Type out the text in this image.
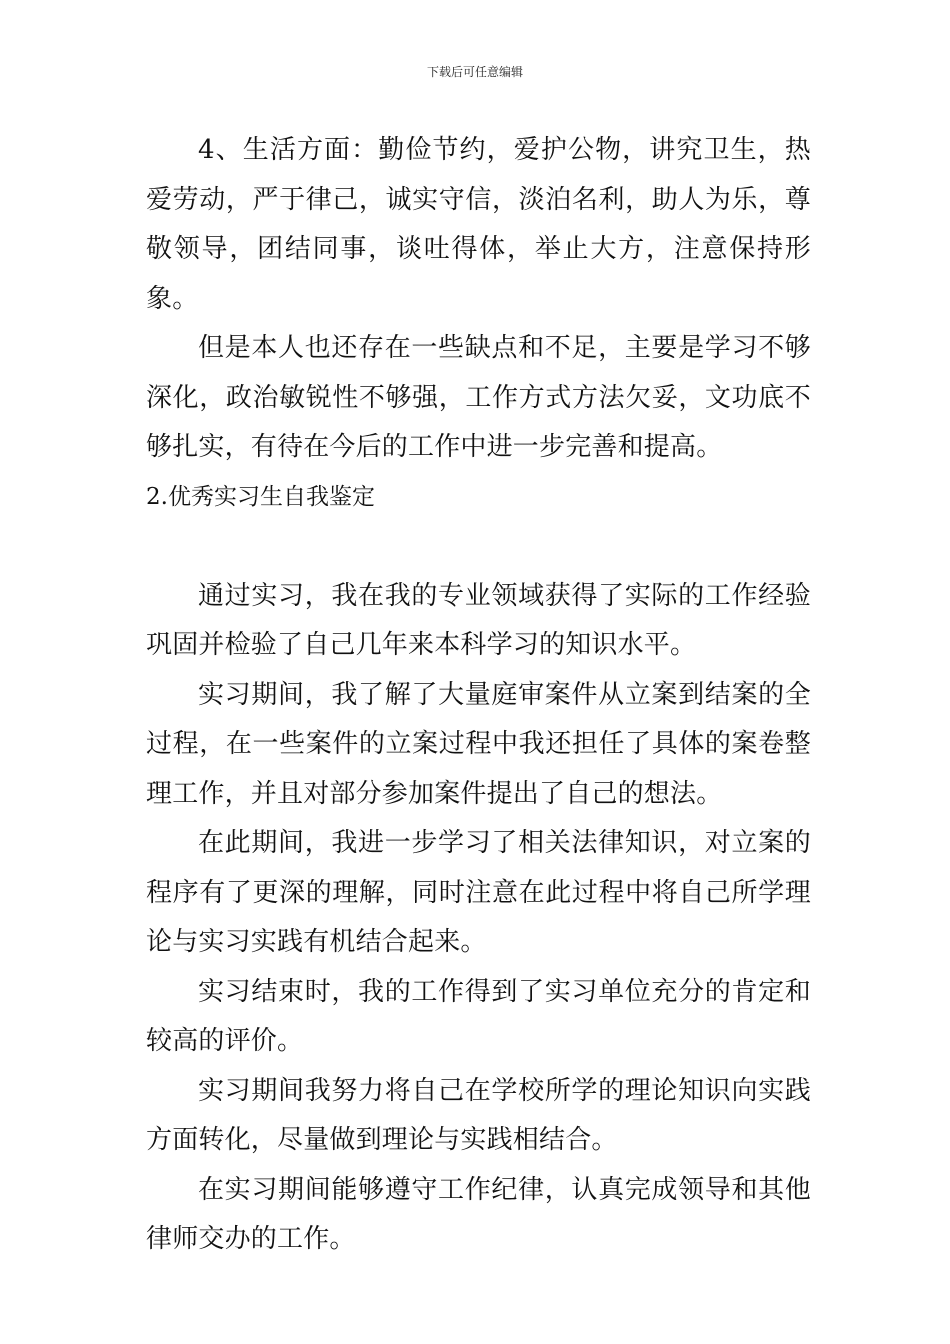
下载后可任意编辑

4、生活方面：勤俭节约，爱护公物，讲究卫生，热爱劳动，严于律己，诚实守信，淡泊名利，助人为乐，尊敬领导，团结同事，谈吐得体，举止大方，注意保持形象。

但是本人也还存在一些缺点和不足，主要是学习不够深化，政治敏锐性不够强，工作方式方法欠妥，文功底不够扎实，有待在今后的工作中进一步完善和提高。

2.优秀实习生自我鉴定

通过实习，我在我的专业领域获得了实际的工作经验巩固并检验了自己几年来本科学习的知识水平。

实习期间，我了解了大量庭审案件从立案到结案的全过程，在一些案件的立案过程中我还担任了具体的案卷整理工作，并且对部分参加案件提出了自己的想法。

在此期间，我进一步学习了相关法律知识，对立案的程序有了更深的理解，同时注意在此过程中将自己所学理论与实习实践有机结合起来。

实习结束时，我的工作得到了实习单位充分的肯定和较高的评价。

实习期间我努力将自己在学校所学的理论知识向实践方面转化，尽量做到理论与实践相结合。

在实习期间能够遵守工作纪律，认真完成领导和其他律师交办的工作。
